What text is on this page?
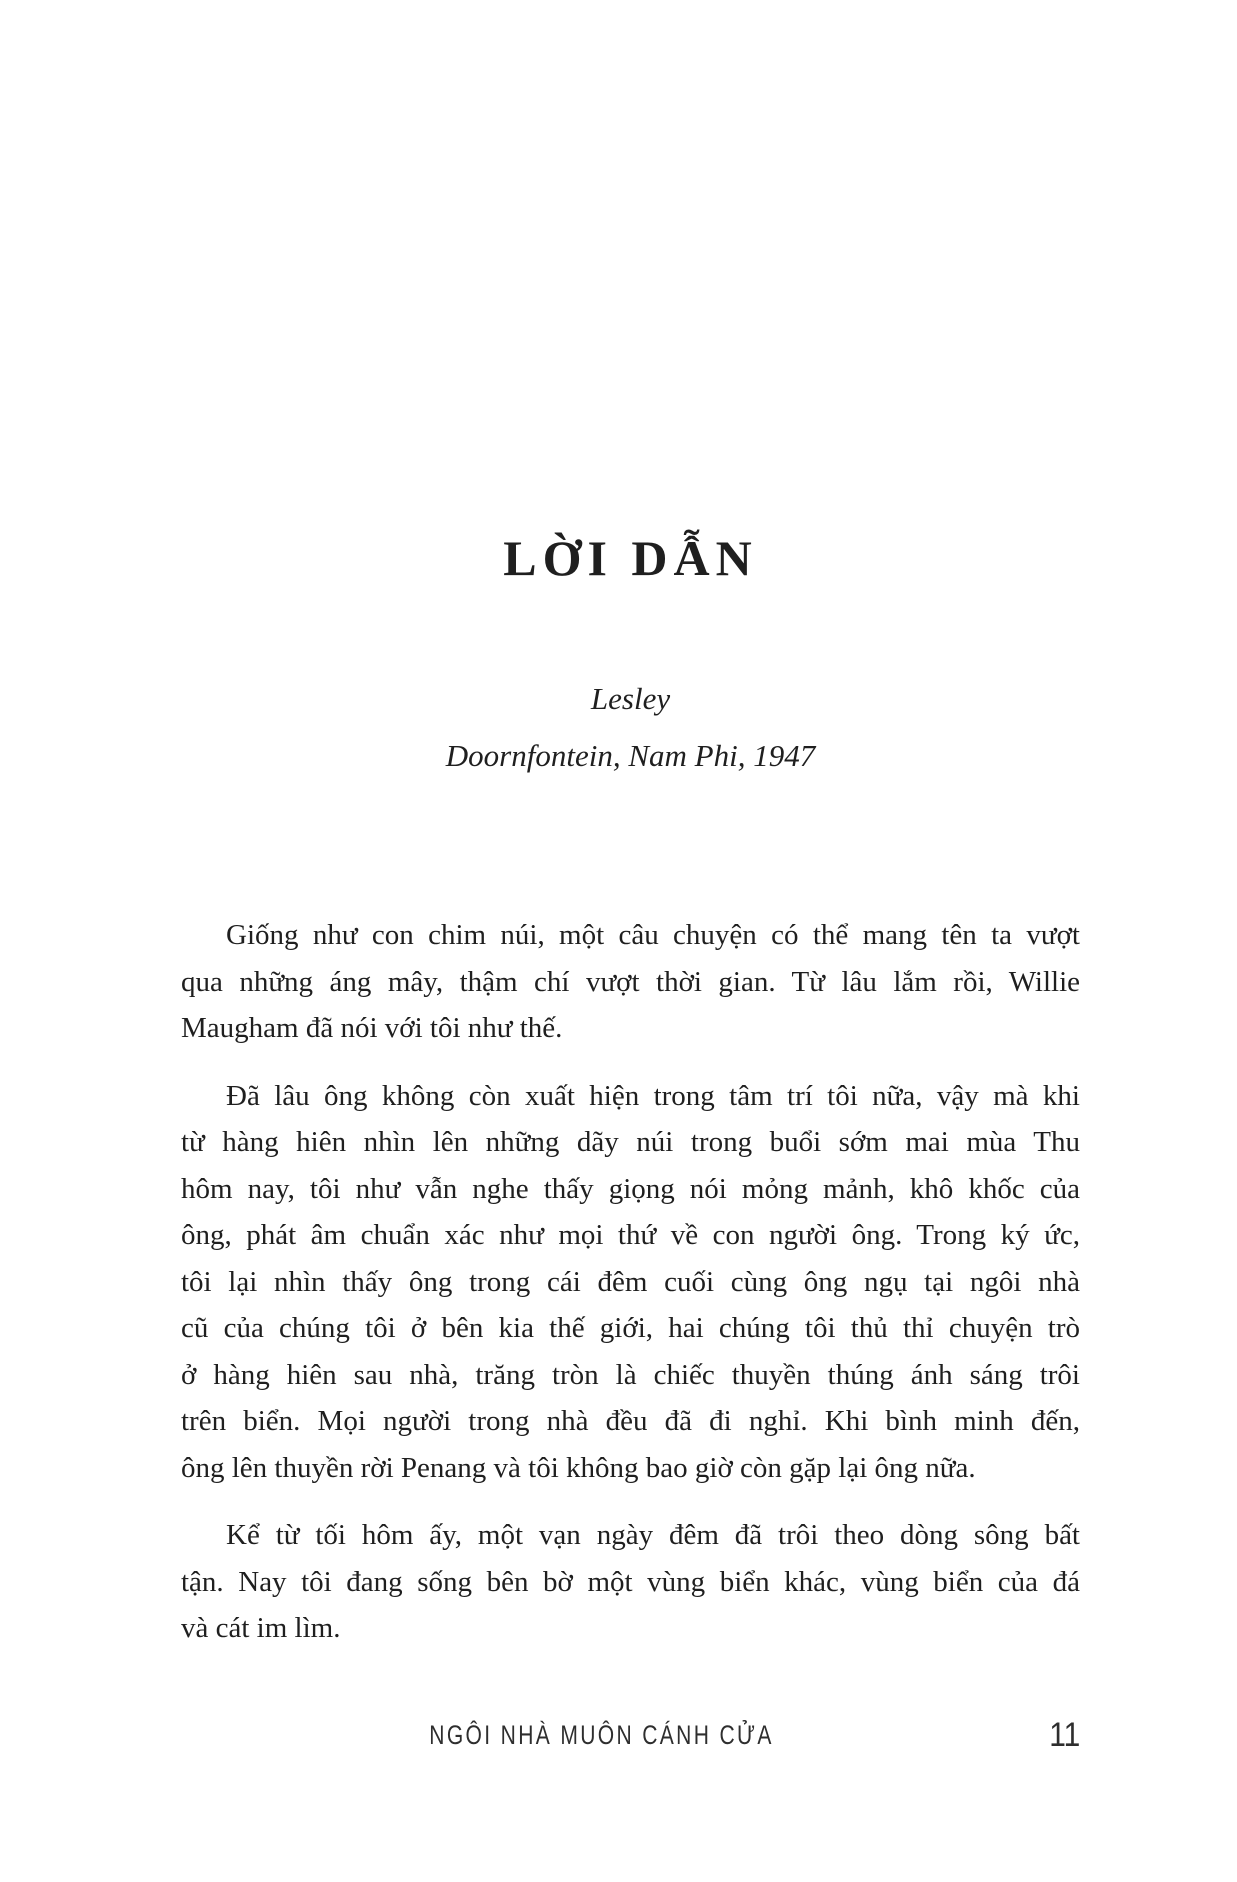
LỜI DẪN
Lesley
Doornfontein, Nam Phi, 1947
Giống như con chim núi, một câu chuyện có thể mang tên ta vượt
qua những áng mây, thậm chí vượt thời gian. Từ lâu lắm rồi, Willie
Maugham đã nói với tôi như thế.
Đã lâu ông không còn xuất hiện trong tâm trí tôi nữa, vậy mà khi
từ hàng hiên nhìn lên những dãy núi trong buổi sớm mai mùa Thu
hôm nay, tôi như vẫn nghe thấy giọng nói mỏng mảnh, khô khốc của
ông, phát âm chuẩn xác như mọi thứ về con người ông. Trong ký ức,
tôi lại nhìn thấy ông trong cái đêm cuối cùng ông ngụ tại ngôi nhà
cũ của chúng tôi ở bên kia thế giới, hai chúng tôi thủ thỉ chuyện trò
ở hàng hiên sau nhà, trăng tròn là chiếc thuyền thúng ánh sáng trôi
trên biển. Mọi người trong nhà đều đã đi nghỉ. Khi bình minh đến,
ông lên thuyền rời Penang và tôi không bao giờ còn gặp lại ông nữa.
Kể từ tối hôm ấy, một vạn ngày đêm đã trôi theo dòng sông bất
tận. Nay tôi đang sống bên bờ một vùng biển khác, vùng biển của đá
và cát im lìm.
NGÔI NHÀ MUÔN CÁNH CỬA	11
